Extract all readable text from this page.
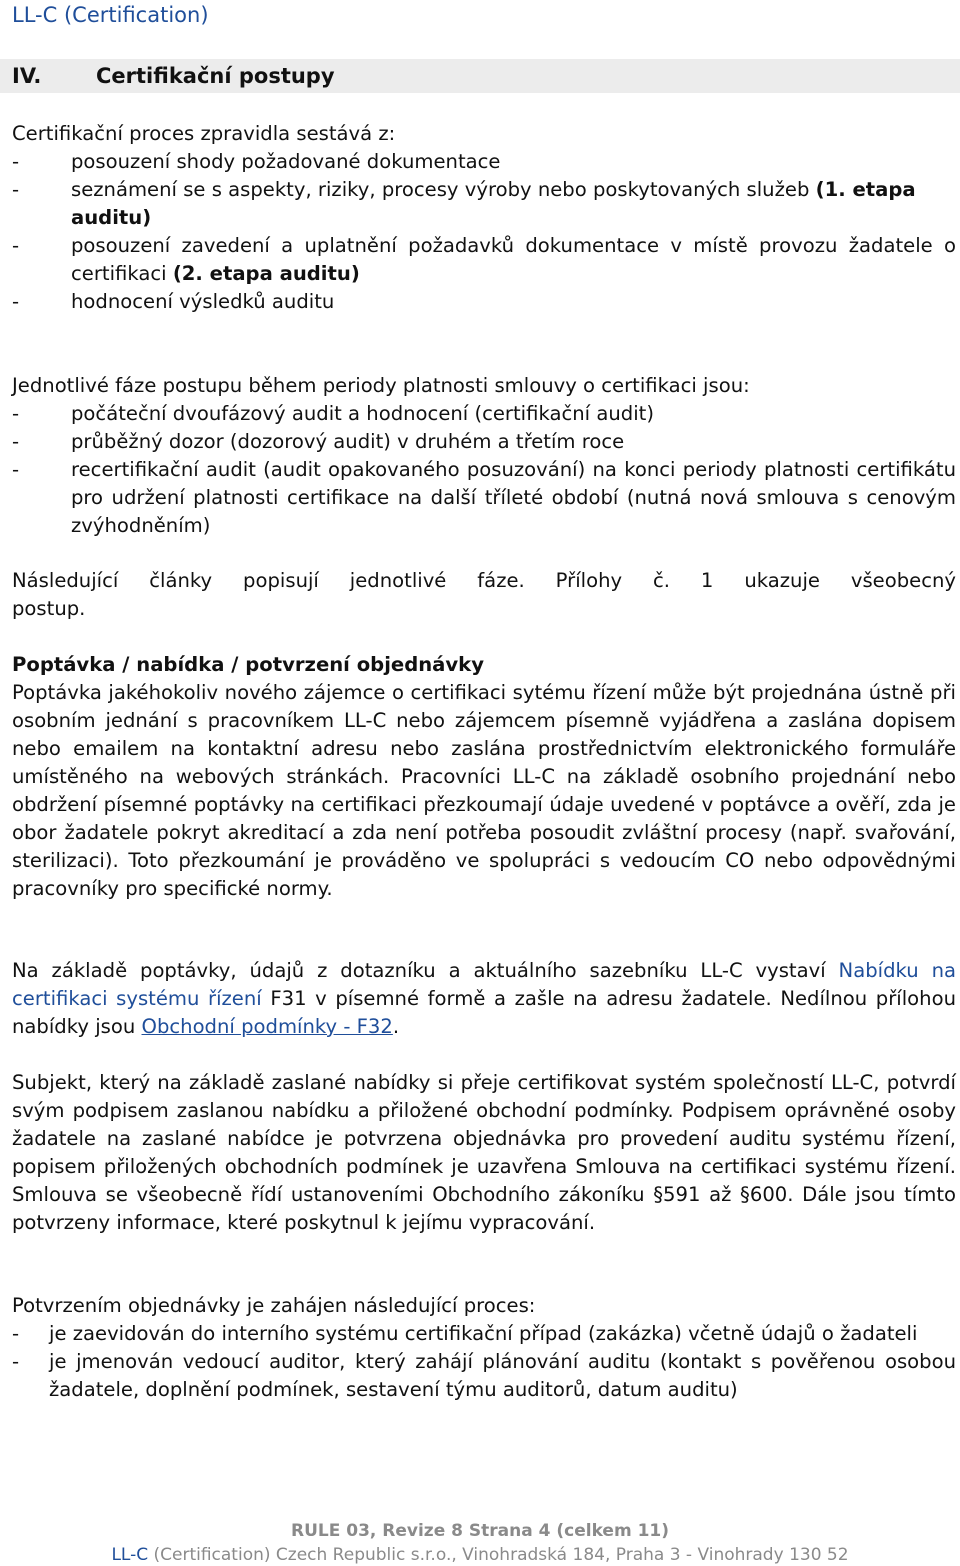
LL-C (Certification)
IV.	Certifikační postupy

Certifikační proces zpravidla sestává z:

- posouzení shody požadované dokumentace
- seznámení se s aspekty, riziky, procesy výroby nebo poskytovaných služeb (1. etapa auditu)
- posouzení zavedení a uplatnění požadavků dokumentace v místě provozu žadatele o certifikaci (2. etapa auditu)
- hodnocení výsledků auditu

Jednotlivé fáze postupu během periody platnosti smlouvy o certifikaci jsou:

- počáteční dvoufázový audit a hodnocení (certifikační audit)
- průběžný dozor (dozorový audit) v druhém a třetím roce
- recertifikační audit (audit opakovaného posuzování) na konci periody platnosti certifikátu pro udržení platnosti certifikace na další tříleté období (nutná nová smlouva s cenovým zvýhodněním)

Následující články popisují jednotlivé fáze. Přílohy č. 1 ukazuje všeobecný

postup.

Poptávka / nabídka / potvrzení objednávky

Poptávka jakéhokoliv nového zájemce o certifikaci sytému řízení může být projednána ústně při osobním jednání s pracovníkem LL-C nebo zájemcem písemně vyjádřena a zaslána dopisem nebo emailem na kontaktní adresu nebo zaslána prostřednictvím elektronického formuláře umístěného na webových stránkách. Pracovníci LL-C na základě osobního projednání nebo obdržení písemné poptávky na certifikaci přezkoumají údaje uvedené v poptávce a ověří, zda je obor žadatele pokryt akreditací a zda není potřeba posoudit zvláštní procesy (např. svařování, sterilizaci). Toto přezkoumání je prováděno ve spolupráci s vedoucím CO nebo odpovědnými pracovníky pro specifické normy.

Na základě poptávky, údajů z dotazníku a aktuálního sazebníku LL-C vystaví Nabídku na certifikaci systému řízení F31 v písemné formě a zašle na adresu žadatele. Nedílnou přílohou nabídky jsou Obchodní podmínky - F32.

Subjekt, který na základě zaslané nabídky si přeje certifikovat systém společností LL-C, potvrdí svým podpisem zaslanou nabídku a přiložené obchodní podmínky. Podpisem oprávněné osoby žadatele na zaslané nabídce je potvrzena objednávka pro provedení auditu systému řízení, popisem přiložených obchodních podmínek je uzavřena Smlouva na certifikaci systému řízení. Smlouva se všeobecně řídí ustanoveními Obchodního zákoníku §591 až §600. Dále jsou tímto potvrzeny informace, které poskytnul k jejímu vypracování.

Potvrzením objednávky je zahájen následující proces:

- je zaevidován do interního systému certifikační případ (zakázka) včetně údajů o žadateli
- je jmenován vedoucí auditor, který zahájí plánování auditu (kontakt s pověřenou osobou žadatele, doplnění podmínek, sestavení týmu auditorů, datum auditu)
RULE 03, Revize 8 Strana 4 (celkem 11)
LL-C (Certification) Czech Republic s.r.o., Vinohradská 184, Praha 3 - Vinohrady 130 52
